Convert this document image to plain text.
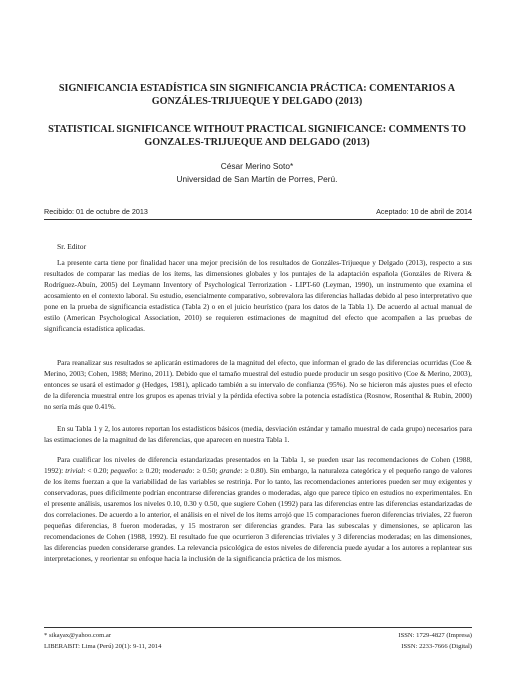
SIGNIFICANCIA ESTADÍSTICA SIN SIGNIFICANCIA PRÁCTICA: COMENTARIOS A GONZÁLES-TRIJUEQUE Y DELGADO (2013)
STATISTICAL SIGNIFICANCE WITHOUT PRACTICAL SIGNIFICANCE: COMMENTS TO GONZALES-TRIJUEQUE AND DELGADO (2013)
César Merino Soto*
Universidad de San Martín de Porres, Perú.
Recibido: 01 de octubre de 2013	Aceptado: 10 de abril de 2014
Sr. Editor

La presente carta tiene por finalidad hacer una mejor precisión de los resultados de Gonzáles-Trijueque y Delgado (2013), respecto a sus resultados de comparar las medias de los ítems, las dimensiones globales y los puntajes de la adaptación española (Gonzáles de Rivera & Rodríguez-Abuín, 2005) del Leymann Inventory of Psychological Terrorization - LIPT-60 (Leyman, 1990), un instrumento que examina el acosamiento en el contexto laboral. Su estudio, esencialmente comparativo, sobrevalora las diferencias halladas debido al peso interpretativo que pone en la prueba de significancia estadística (Tabla 2) o en el juicio heurístico (para los datos de la Tabla 1). De acuerdo al actual manual de estilo (American Psychological Association, 2010) se requieren estimaciones de magnitud del efecto que acompañen a las pruebas de significancia estadística aplicadas.

Para reanalizar sus resultados se aplicarán estimadores de la magnitud del efecto, que informan el grado de las diferencias ocurridas (Coe & Merino, 2003; Cohen, 1988; Merino, 2011). Debido que el tamaño muestral del estudio puede producir un sesgo positivo (Coe & Merino, 2003), entonces se usará el estimador g (Hedges, 1981), aplicado también a su intervalo de confianza (95%). No se hicieron más ajustes pues el efecto de la diferencia muestral entre los grupos es apenas trivial y la pérdida efectiva sobre la potencia estadística (Rosnow, Rosenthal & Rubin, 2000) no sería más que 0.41%.

En su Tabla 1 y 2, los autores reportan los estadísticos básicos (media, desviación estándar y tamaño muestral de cada grupo) necesarios para las estimaciones de la magnitud de las diferencias, que aparecen en nuestra Tabla 1.

Para cualificar los niveles de diferencia estandarizadas presentados en la Tabla 1, se pueden usar las recomendaciones de Cohen (1988, 1992): trivial: < 0.20; pequeño: ≥ 0.20; moderado: ≥ 0.50; grande: ≥ 0.80). Sin embargo, la naturaleza categórica y el pequeño rango de valores de los ítems fuerzan a que la variabilidad de las variables se restrinja. Por lo tanto, las recomendaciones anteriores pueden ser muy exigentes y conservadoras, pues difícilmente podrían encontrarse diferencias grandes o moderadas, algo que parece típico en estudios no experimentales. En el presente análisis, usaremos los niveles 0.10, 0.30 y 0.50, que sugiere Cohen (1992) para las diferencias entre las diferencias estandarizadas de dos correlaciones. De acuerdo a lo anterior, el análisis en el nivel de los ítems arrojó que 15 comparaciones fueron diferencias triviales, 22 fueron pequeñas diferencias, 8 fueron moderadas, y 15 mostraron ser diferencias grandes. Para las subescalas y dimensiones, se aplicaron las recomendaciones de Cohen (1988, 1992). El resultado fue que ocurrieron 3 diferencias triviales y 3 diferencias moderadas; en las dimensiones, las diferencias pueden considerarse grandes. La relevancia psicológica de estos niveles de diferencia puede ayudar a los autores a replantear sus interpretaciones, y reorientar su enfoque hacia la inclusión de la significancia práctica de los mismos.

* sikayax@yahoo.com.ar
LIBERABIT: Lima (Perú) 20(1): 9-11, 2014
ISSN: 1729-4827 (Impresa)
ISSN: 2233-7666 (Digital)
